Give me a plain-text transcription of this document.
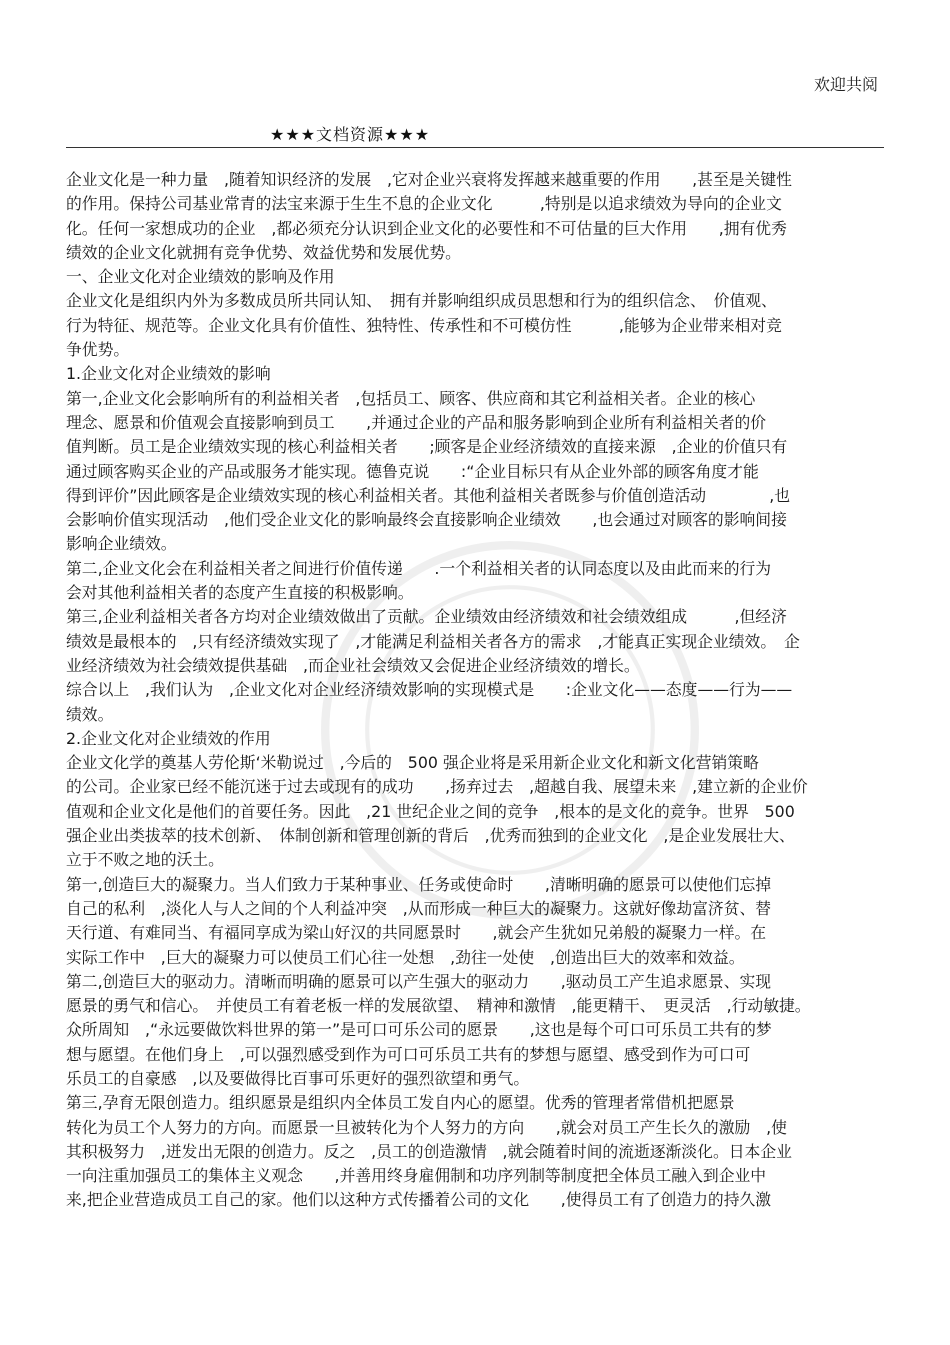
欢迎共阅
★★★文档资源★★★
企业文化是一种力量　,随着知识经济的发展　,它对企业兴衰将发挥越来越重要的作用　　,甚至是关键性
的作用。保持公司基业常青的法宝来源于生生不息的企业文化　　　,特别是以追求绩效为导向的企业文
化。任何一家想成功的企业　,都必须充分认识到企业文化的必要性和不可估量的巨大作用　　,拥有优秀
绩效的企业文化就拥有竞争优势、效益优势和发展优势。
一、企业文化对企业绩效的影响及作用
企业文化是组织内外为多数成员所共同认知、　拥有并影响组织成员思想和行为的组织信念、　价值观、
行为特征、规范等。企业文化具有价值性、独特性、传承性和不可模仿性　　　,能够为企业带来相对竞
争优势。
1.企业文化对企业绩效的影响
第一,企业文化会影响所有的利益相关者　,包括员工、顾客、供应商和其它利益相关者。企业的核心
理念、愿景和价值观会直接影响到员工　　,并通过企业的产品和服务影响到企业所有利益相关者的价
值判断。员工是企业绩效实现的核心利益相关者　　;顾客是企业经济绩效的直接来源　,企业的价值只有
通过顾客购买企业的产品或服务才能实现。德鲁克说　　:“企业目标只有从企业外部的顾客角度才能
得到评价”因此顾客是企业绩效实现的核心利益相关者。其他利益相关者既参与价值创造活动　　　　,也
会影响价值实现活动　,他们受企业文化的影响最终会直接影响企业绩效　　,也会通过对顾客的影响间接
影响企业绩效。
第二,企业文化会在利益相关者之间进行价值传递　　.一个利益相关者的认同态度以及由此而来的行为
会对其他利益相关者的态度产生直接的积极影响。
第三,企业利益相关者各方均对企业绩效做出了贡献。企业绩效由经济绩效和社会绩效组成　　　,但经济
绩效是最根本的　,只有经济绩效实现了　,才能满足利益相关者各方的需求　,才能真正实现企业绩效。　企
业经济绩效为社会绩效提供基础　,而企业社会绩效又会促进企业经济绩效的增长。
综合以上　,我们认为　,企业文化对企业经济绩效影响的实现模式是　　:企业文化——态度——行为——
绩效。
2.企业文化对企业绩效的作用
企业文化学的奠基人劳伦斯‘米勒说过　,今后的　500 强企业将是采用新企业文化和新文化营销策略
的公司。企业家已经不能沉迷于过去或现有的成功　　,扬弃过去　,超越自我、展望未来　,建立新的企业价
值观和企业文化是他们的首要任务。因此　,21 世纪企业之间的竞争　,根本的是文化的竞争。世界　500
强企业出类拔萃的技术创新、　体制创新和管理创新的背后　,优秀而独到的企业文化　,是企业发展壮大、
立于不败之地的沃土。
第一,创造巨大的凝聚力。当人们致力于某种事业、任务或使命时　　,清晰明确的愿景可以使他们忘掉
自己的私利　,淡化人与人之间的个人利益冲突　,从而形成一种巨大的凝聚力。这就好像劫富济贫、替
天行道、有难同当、有福同享成为梁山好汉的共同愿景时　　,就会产生犹如兄弟般的凝聚力一样。在
实际工作中　,巨大的凝聚力可以使员工们心往一处想　,劲往一处使　,创造出巨大的效率和效益。
第二,创造巨大的驱动力。清晰而明确的愿景可以产生强大的驱动力　　,驱动员工产生追求愿景、实现
愿景的勇气和信心。　并使员工有着老板一样的发展欲望、　精神和激情　,能更精干、　更灵活　,行动敏捷。
众所周知　,“永远要做饮料世界的第一”是可口可乐公司的愿景　　,这也是每个可口可乐员工共有的梦
想与愿望。在他们身上　,可以强烈感受到作为可口可乐员工共有的梦想与愿望、感受到作为可口可
乐员工的自豪感　,以及要做得比百事可乐更好的强烈欲望和勇气。
第三,孕育无限创造力。组织愿景是组织内全体员工发自内心的愿望。优秀的管理者常借机把愿景
转化为员工个人努力的方向。而愿景一旦被转化为个人努力的方向　　,就会对员工产生长久的激励　,使
其积极努力　,迸发出无限的创造力。反之　,员工的创造激情　,就会随着时间的流逝逐渐淡化。日本企业
一向注重加强员工的集体主义观念　　,并善用终身雇佣制和功序列制等制度把全体员工融入到企业中
来,把企业营造成员工自己的家。他们以这种方式传播着公司的文化　　,使得员工有了创造力的持久激
